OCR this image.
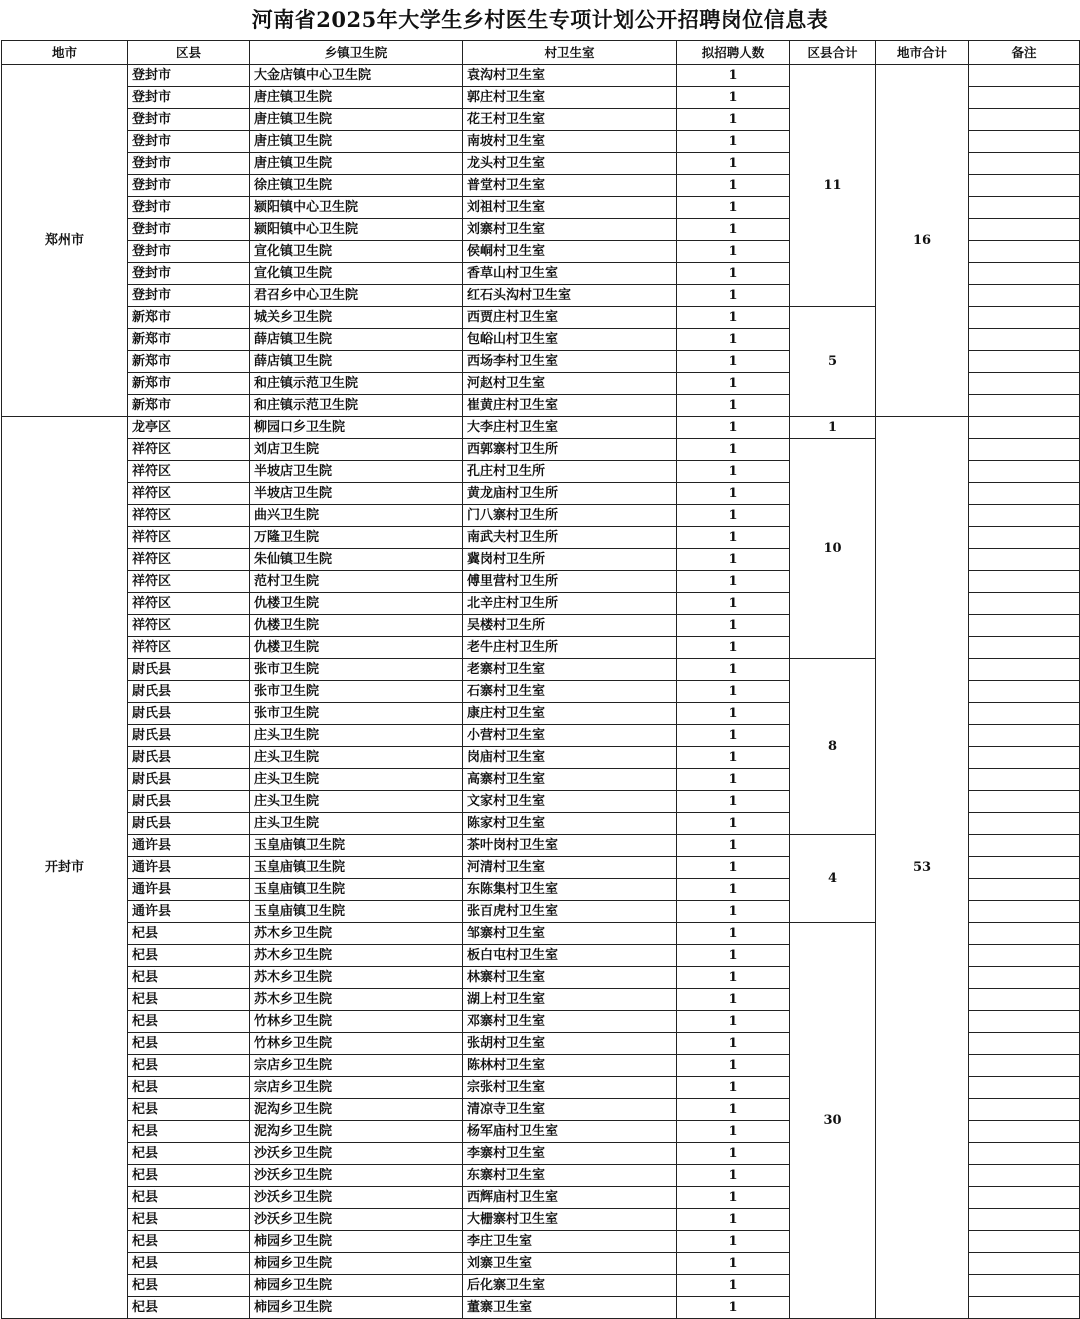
河南省2025年大学生乡村医生专项计划公开招聘岗位信息表
地市	区县	乡镇卫生院	村卫生室	拟招聘人数	区县合计	地市合计	备注
郑州市	登封市	大金店镇中心卫生院	袁沟村卫生室	1	11	16	
	登封市	唐庄镇卫生院	郭庄村卫生室	1			
	登封市	唐庄镇卫生院	花王村卫生室	1			
	登封市	唐庄镇卫生院	南坡村卫生室	1			
	登封市	唐庄镇卫生院	龙头村卫生室	1			
	登封市	徐庄镇卫生院	普堂村卫生室	1			
	登封市	颍阳镇中心卫生院	刘祖村卫生室	1			
	登封市	颍阳镇中心卫生院	刘寨村卫生室	1			
	登封市	宣化镇卫生院	侯峒村卫生室	1			
	登封市	宣化镇卫生院	香草山村卫生室	1			
	登封市	君召乡中心卫生院	红石头沟村卫生室	1			
	新郑市	城关乡卫生院	西贾庄村卫生室	1	5		
	新郑市	薛店镇卫生院	包峪山村卫生室	1			
	新郑市	薛店镇卫生院	西场李村卫生室	1			
	新郑市	和庄镇示范卫生院	河赵村卫生室	1			
	新郑市	和庄镇示范卫生院	崔黄庄村卫生室	1			
开封市	龙亭区	柳园口乡卫生院	大李庄村卫生室	1	1	53	
	祥符区	刘店卫生院	西郭寨村卫生所	1	10		
	祥符区	半坡店卫生院	孔庄村卫生所	1			
	祥符区	半坡店卫生院	黄龙庙村卫生所	1			
	祥符区	曲兴卫生院	门八寨村卫生所	1			
	祥符区	万隆卫生院	南武夫村卫生所	1			
	祥符区	朱仙镇卫生院	冀岗村卫生所	1			
	祥符区	范村卫生院	傅里营村卫生所	1			
	祥符区	仇楼卫生院	北辛庄村卫生所	1			
	祥符区	仇楼卫生院	吴楼村卫生所	1			
	祥符区	仇楼卫生院	老牛庄村卫生所	1			
	尉氏县	张市卫生院	老寨村卫生室	1	8		
	尉氏县	张市卫生院	石寨村卫生室	1			
	尉氏县	张市卫生院	康庄村卫生室	1			
	尉氏县	庄头卫生院	小营村卫生室	1			
	尉氏县	庄头卫生院	岗庙村卫生室	1			
	尉氏县	庄头卫生院	高寨村卫生室	1			
	尉氏县	庄头卫生院	文家村卫生室	1			
	尉氏县	庄头卫生院	陈家村卫生室	1			
	通许县	玉皇庙镇卫生院	茶叶岗村卫生室	1	4		
	通许县	玉皇庙镇卫生院	河清村卫生室	1			
	通许县	玉皇庙镇卫生院	东陈集村卫生室	1			
	通许县	玉皇庙镇卫生院	张百虎村卫生室	1			
	杞县	苏木乡卫生院	邹寨村卫生室	1	30		
	杞县	苏木乡卫生院	板白屯村卫生室	1			
	杞县	苏木乡卫生院	林寨村卫生室	1			
	杞县	苏木乡卫生院	湖上村卫生室	1			
	杞县	竹林乡卫生院	邓寨村卫生室	1			
	杞县	竹林乡卫生院	张胡村卫生室	1			
	杞县	宗店乡卫生院	陈林村卫生室	1			
	杞县	宗店乡卫生院	宗张村卫生室	1			
	杞县	泥沟乡卫生院	清凉寺卫生室	1			
	杞县	泥沟乡卫生院	杨军庙村卫生室	1			
	杞县	沙沃乡卫生院	李寨村卫生室	1			
	杞县	沙沃乡卫生院	东寨村卫生室	1			
	杞县	沙沃乡卫生院	西辉庙村卫生室	1			
	杞县	沙沃乡卫生院	大栅寨村卫生室	1			
	杞县	柿园乡卫生院	李庄卫生室	1			
	杞县	柿园乡卫生院	刘寨卫生室	1			
	杞县	柿园乡卫生院	后化寨卫生室	1			
	杞县	柿园乡卫生院	董寨卫生室	1			
